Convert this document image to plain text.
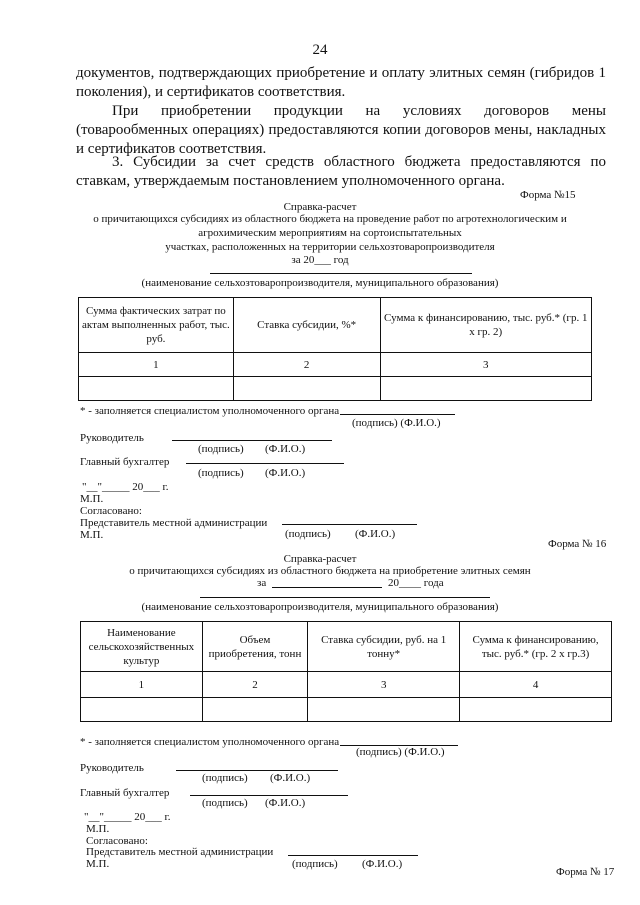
24
документов, подтверждающих приобретение и оплату элитных семян (гибридов 1 поколения), и сертификатов соответствия.
При приобретении продукции на условиях договоров мены (товарообменных операциях) предоставляются копии договоров мены, накладных и сертификатов соответствия.
3. Субсидии за счет средств областного бюджета предоставляются по ставкам, утверждаемым постановлением уполномоченного органа.
Форма №15
Справка-расчет
о причитающихся субсидиях из областного бюджета на проведение работ по агротехнологическим и
агрохимическим мероприятиям на сортоиспытательных
участках, расположенных на территории сельхозтоваропроизводителя
за 20___ год
(наименование сельхозтоваропроизводителя, муниципального образования)
Сумма фактических затрат по актам выполненных работ, тыс. руб.	Ставка субсидии, %*	Сумма к финансированию, тыс. руб.* (гр. 1 х гр. 2)
1	2	3

* - заполняется специалистом уполномоченного органа
(подпись) (Ф.И.О.)
Руководитель
(подпись) (Ф.И.О.)
Главный бухгалтер
(подпись) (Ф.И.О.)
"__"_____ 20___ г.
М.П.
Согласовано:
Представитель местной администрации
М.П.	(подпись) (Ф.И.О.)
Форма № 16
Справка-расчет
о причитающихся субсидиях из областного бюджета на приобретение элитных семян
за	20____ года
(наименование сельхозтоваропроизводителя, муниципального образования)
Наименование сельскохозяйственных культур	Объем приобретения, тонн	Ставка субсидии, руб. на 1 тонну*	Сумма к финансированию, тыс. руб.* (гр. 2 х гр.3)
1	2	3	4

* - заполняется специалистом уполномоченного органа
(подпись) (Ф.И.О.)
Руководитель
(подпись) (Ф.И.О.)
Главный бухгалтер
(подпись) (Ф.И.О.)
"__"_____ 20___ г.
М.П.
Согласовано:
Представитель местной администрации
М.П.	(подпись) (Ф.И.О.)
Форма № 17
